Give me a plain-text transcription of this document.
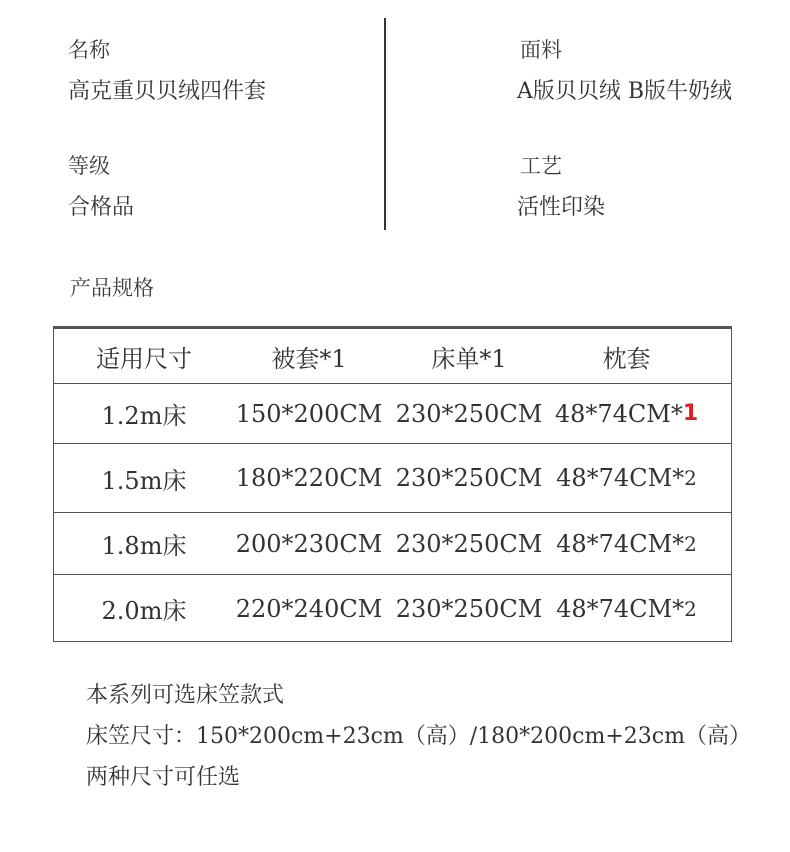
名称
高克重贝贝绒四件套
等级
合格品
面料
A版贝贝绒 B版牛奶绒
工艺
活性印染
产品规格
适用尺寸	被套*1	床单*1	枕套
1.2m床	150*200CM 230*250CM 48*74CM* 1
1.5m床	180*220CM 230*250CM 48*74CM* 2
1.8m床	200*230CM 230*250CM 48*74CM* 2
2.0m床	220*240CM 230*250CM 48*74CM* 2
本系列可选床笠款式
床笠尺寸：150*200cm+23cm（高）/180*200cm+23cm（高）
两种尺寸可任选
